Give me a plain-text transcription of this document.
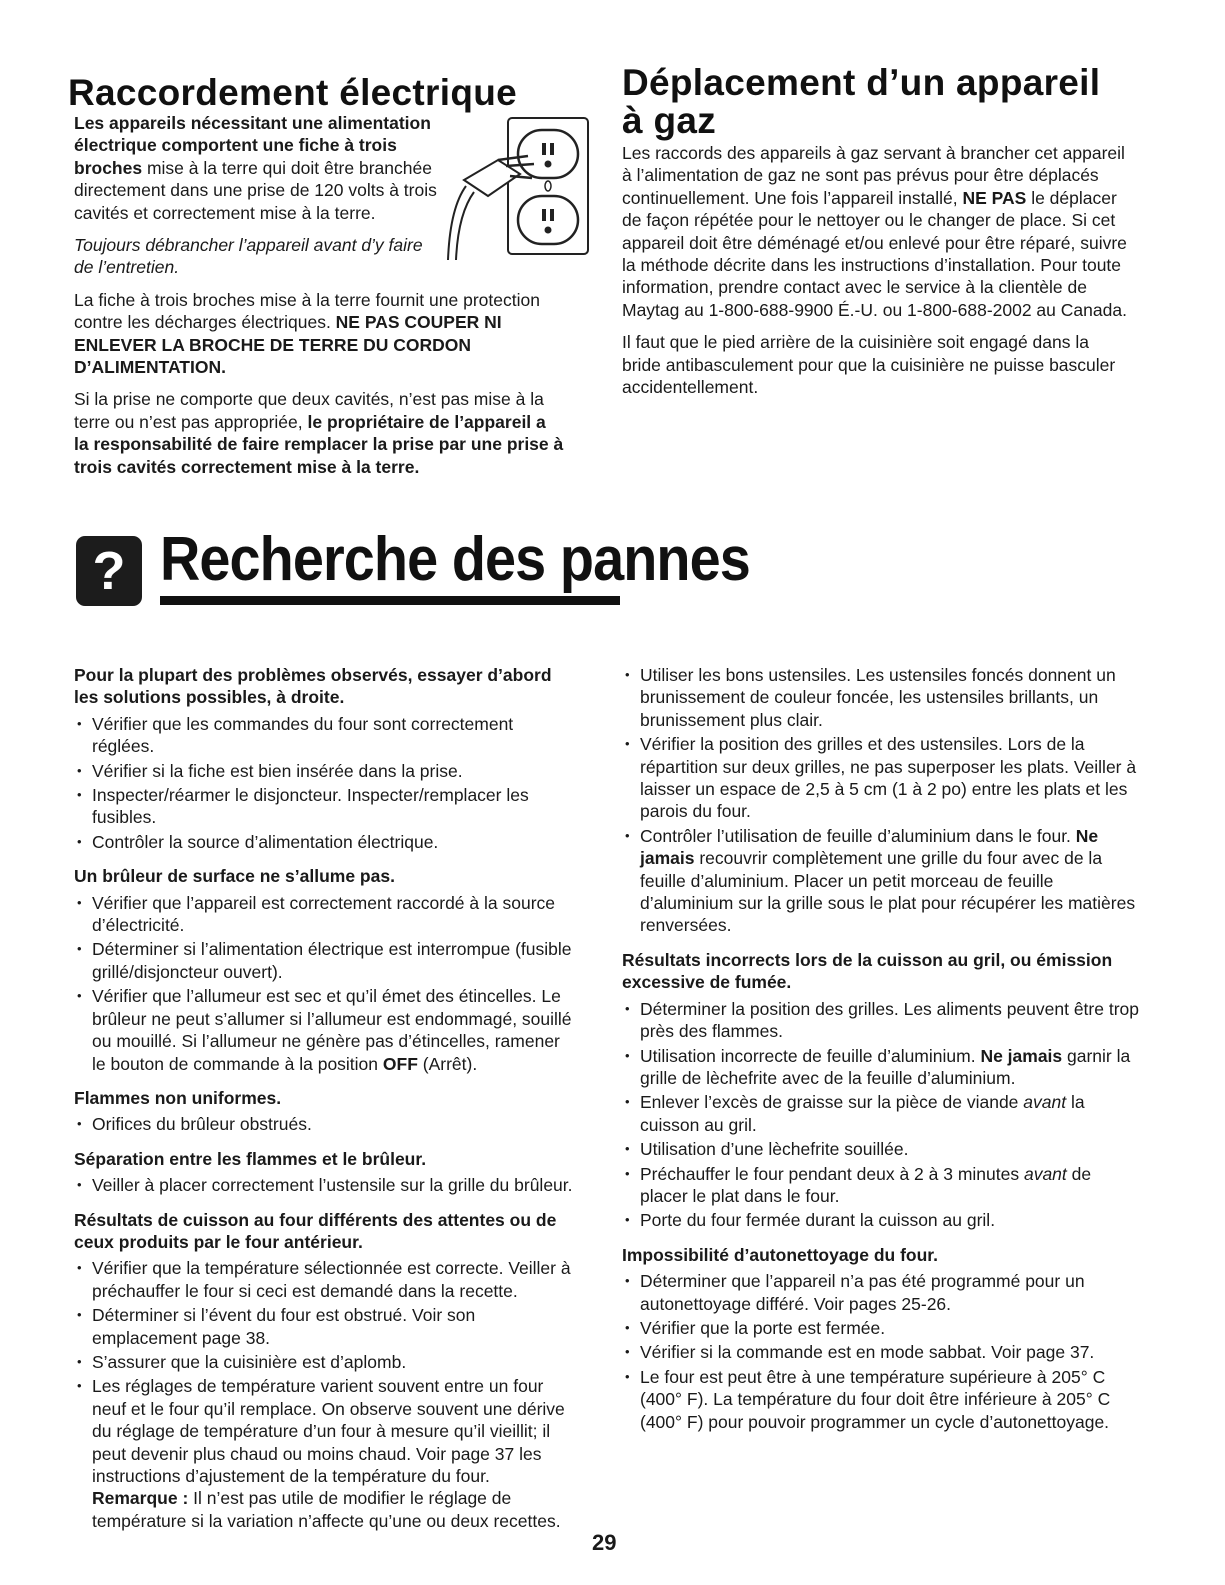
Raccordement électrique

Les appareils nécessitant une alimentation électrique comportent une fiche à trois broches mise à la terre qui doit être branchée directement dans une prise de 120 volts à trois cavités et correctement mise à la terre.

Toujours débrancher l’appareil avant d’y faire de l’entretien.

La fiche à trois broches mise à la terre fournit une protection contre les décharges électriques. NE PAS COUPER NI ENLEVER LA BROCHE DE TERRE DU CORDON D’ALIMENTATION.

Si la prise ne comporte que deux cavités, n’est pas mise à la terre ou n’est pas appropriée, le propriétaire de l’appareil a la responsabilité de faire remplacer la prise par une prise à trois cavités correctement mise à la terre.

Déplacement d’un appareil
à gaz

Les raccords des appareils à gaz servant à brancher cet appareil à l’alimentation de gaz ne sont pas prévus pour être déplacés continuellement. Une fois l’appareil installé, NE PAS le déplacer de façon répétée pour le nettoyer ou le changer de place. Si cet appareil doit être déménagé et/ou enlevé pour être réparé, suivre la méthode décrite dans les instructions d’installation. Pour toute information, prendre contact avec le service à la clientèle de Maytag au 1-800-688-9900 É.-U. ou 1-800-688-2002 au Canada.

Il faut que le pied arrière de la cuisinière soit engagé dans la bride antibasculement pour que la cuisinière ne puisse basculer accidentellement.

? Recherche des pannes
Pour la plupart des problèmes observés, essayer d’abord les solutions possibles, à droite.
• Vérifier que les commandes du four sont correctement réglées.
• Vérifier si la fiche est bien insérée dans la prise.
• Inspecter/réarmer le disjoncteur. Inspecter/remplacer les fusibles.
• Contrôler la source d’alimentation électrique.
Un brûleur de surface ne s’allume pas.
• Vérifier que l’appareil est correctement raccordé à la source d’électricité.
• Déterminer si l’alimentation électrique est interrompue (fusible grillé/disjoncteur ouvert).
• Vérifier que l’allumeur est sec et qu’il émet des étincelles. Le brûleur ne peut s’allumer si l’allumeur est endommagé, souillé ou mouillé. Si l’allumeur ne génère pas d’étincelles, ramener le bouton de commande à la position OFF (Arrêt).
Flammes non uniformes.
• Orifices du brûleur obstrués.
Séparation entre les flammes et le brûleur.
• Veiller à placer correctement l’ustensile sur la grille du brûleur.
Résultats de cuisson au four différents des attentes ou de ceux produits par le four antérieur.
• Vérifier que la température sélectionnée est correcte. Veiller à préchauffer le four si ceci est demandé dans la recette.
• Déterminer si l’évent du four est obstrué. Voir son emplacement page 38.
• S’assurer que la cuisinière est d’aplomb.
• Les réglages de température varient souvent entre un four neuf et le four qu’il remplace. On observe souvent une dérive du réglage de température d’un four à mesure qu’il vieillit; il peut devenir plus chaud ou moins chaud. Voir page 37 les instructions d’ajustement de la température du four. Remarque : Il n’est pas utile de modifier le réglage de température si la variation n’affecte qu’une ou deux recettes.
• Utiliser les bons ustensiles. Les ustensiles foncés donnent un brunissement de couleur foncée, les ustensiles brillants, un brunissement plus clair.
• Vérifier la position des grilles et des ustensiles. Lors de la répartition sur deux grilles, ne pas superposer les plats. Veiller à laisser un espace de 2,5 à 5 cm (1 à 2 po) entre les plats et les parois du four.
• Contrôler l’utilisation de feuille d’aluminium dans le four. Ne jamais recouvrir complètement une grille du four avec de la feuille d’aluminium. Placer un petit morceau de feuille d’aluminium sur la grille sous le plat pour récupérer les matières renversées.
Résultats incorrects lors de la cuisson au gril, ou émission excessive de fumée.
• Déterminer la position des grilles. Les aliments peuvent être trop près des flammes.
• Utilisation incorrecte de feuille d’aluminium. Ne jamais garnir la grille de lèchefrite avec de la feuille d’aluminium.
• Enlever l’excès de graisse sur la pièce de viande avant la cuisson au gril.
• Utilisation d’une lèchefrite souillée.
• Préchauffer le four pendant deux à 2 à 3 minutes avant de placer le plat dans le four.
• Porte du four fermée durant la cuisson au gril.
Impossibilité d’autonettoyage du four.
• Déterminer que l’appareil n’a pas été programmé pour un autonettoyage différé. Voir pages 25-26.
• Vérifier que la porte est fermée.
• Vérifier si la commande est en mode sabbat. Voir page 37.
• Le four est peut être à une température supérieure à 205° C (400° F). La température du four doit être inférieure à 205° C (400° F) pour pouvoir programmer un cycle d’autonettoyage.
29
